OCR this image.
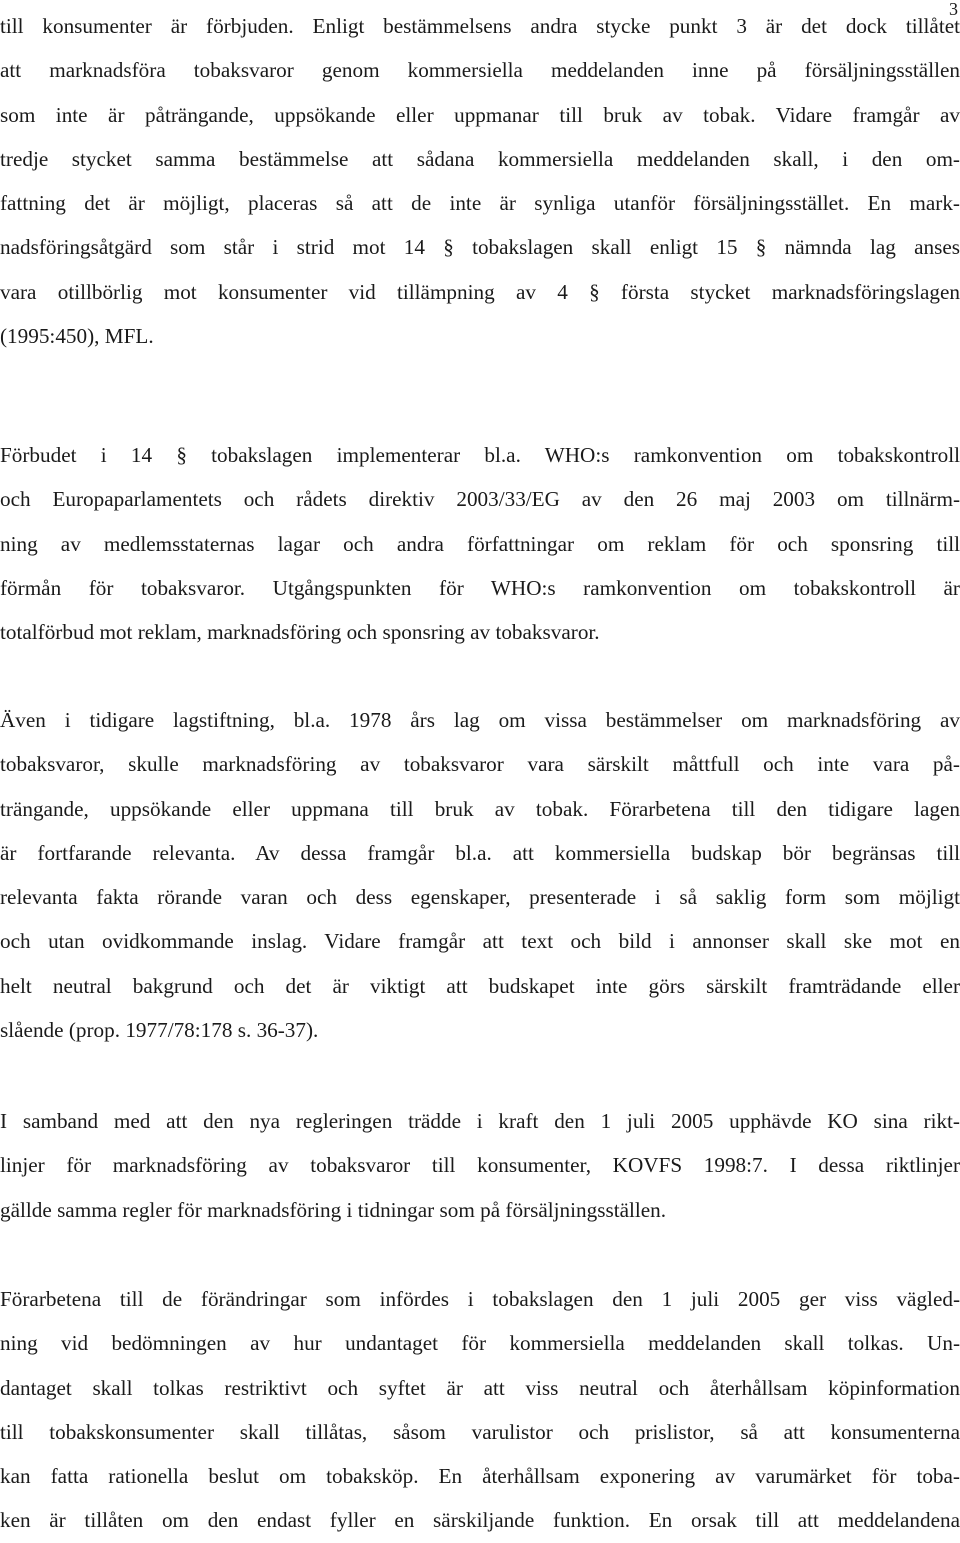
3
till konsumenter är förbjuden. Enligt bestämmelsens andra stycke punkt 3 är det dock tillåtet
att marknadsföra tobaksvaror genom kommersiella meddelanden inne på försäljningsställen
som inte är påträngande, uppsökande eller uppmanar till bruk av tobak. Vidare framgår av
tredje stycket samma bestämmelse att sådana kommersiella meddelanden skall, i den om-
fattning det är möjligt, placeras så att de inte är synliga utanför försäljningsstället. En mark-
nadsföringsåtgärd som står i strid mot 14 § tobakslagen skall enligt 15 § nämnda lag anses
vara otillbörlig mot konsumenter vid tillämpning av 4 § första stycket marknadsföringslagen
(1995:450), MFL.
Förbudet i 14 § tobakslagen implementerar bl.a. WHO:s ramkonvention om tobakskontroll
och Europaparlamentets och rådets direktiv 2003/33/EG av den 26 maj 2003 om tillnärm-
ning av medlemsstaternas lagar och andra författningar om reklam för och sponsring till
förmån för tobaksvaror. Utgångspunkten för WHO:s ramkonvention om tobakskontroll är
totalförbud mot reklam, marknadsföring och sponsring av tobaksvaror.
Även i tidigare lagstiftning, bl.a. 1978 års lag om vissa bestämmelser om marknadsföring av
tobaksvaror, skulle marknadsföring av tobaksvaror vara särskilt måttfull och inte vara på-
trängande, uppsökande eller uppmana till bruk av tobak. Förarbetena till den tidigare lagen
är fortfarande relevanta. Av dessa framgår bl.a. att kommersiella budskap bör begränsas till
relevanta fakta rörande varan och dess egenskaper, presenterade i så saklig form som möjligt
och utan ovidkommande inslag. Vidare framgår att text och bild i annonser skall ske mot en
helt neutral bakgrund och det är viktigt att budskapet inte görs särskilt framträdande eller
slående (prop. 1977/78:178 s. 36-37).
I samband med att den nya regleringen trädde i kraft den 1 juli 2005 upphävde KO sina rikt-
linjer för marknadsföring av tobaksvaror till konsumenter, KOVFS 1998:7. I dessa riktlinjer
gällde samma regler för marknadsföring i tidningar som på försäljningsställen.
Förarbetena till de förändringar som infördes i tobakslagen den 1 juli 2005 ger viss vägled-
ning vid bedömningen av hur undantaget för kommersiella meddelanden skall tolkas. Un-
dantaget skall tolkas restriktivt och syftet är att viss neutral och återhållsam köpinformation
till tobakskonsumenter skall tillåtas, såsom varulistor och prislistor, så att konsumenterna
kan fatta rationella beslut om tobaksköp. En återhållsam exponering av varumärket för toba-
ken är tillåten om den endast fyller en särskiljande funktion. En orsak till att meddelandena
